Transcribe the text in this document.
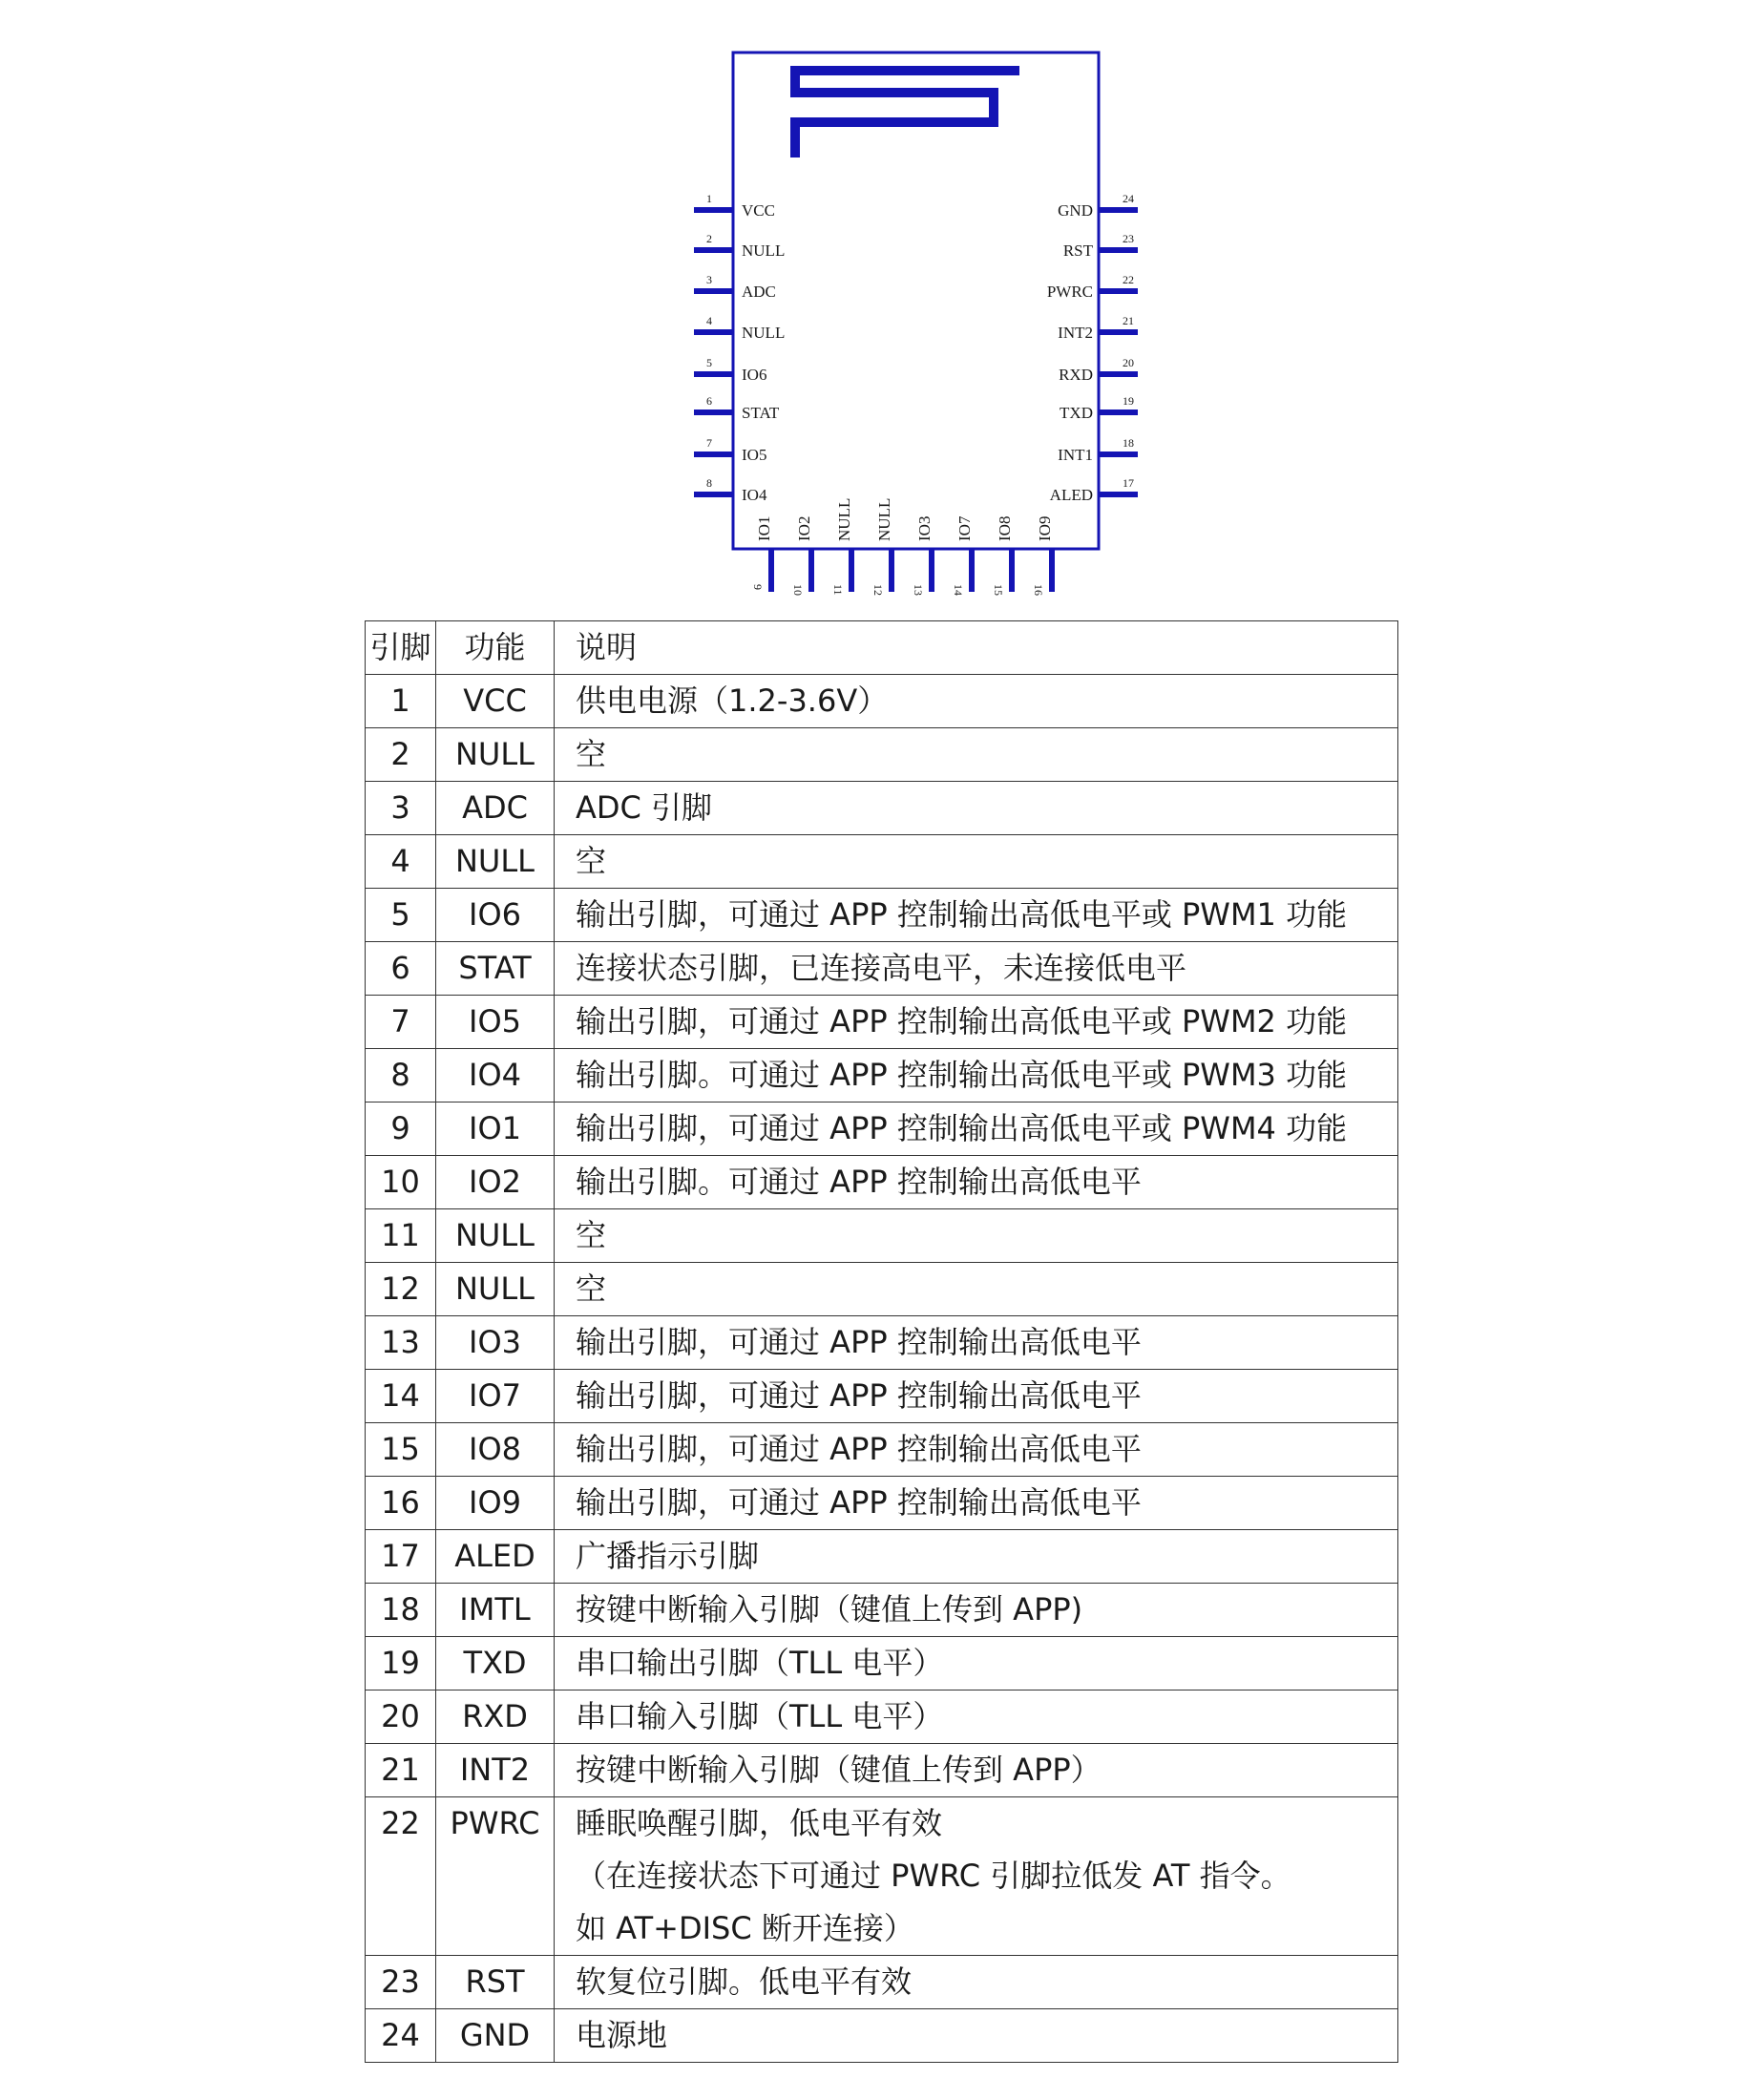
1
VCC
2
NULL
3
ADC
4
NULL
5
IO6
6
STAT
7
IO5
8
IO4
24
GND
23
RST
22
PWRC
21
INT2
20
RXD
19
TXD
18
INT1
17
ALED
9
IO1
10
IO2
11
NULL
12
NULL
13
IO3
14
IO7
15
IO8
16
IO9
引脚	功能	说明
1	VCC	供电电源（1.2-3.6V）
2	NULL	空
3	ADC	ADC 引脚
4	NULL	空
5	IO6	输出引脚，可通过 APP 控制输出高低电平或 PWM1 功能
6	STAT	连接状态引脚，已连接高电平，未连接低电平
7	IO5	输出引脚，可通过 APP 控制输出高低电平或 PWM2 功能
8	IO4	输出引脚。可通过 APP 控制输出高低电平或 PWM3 功能
9	IO1	输出引脚，可通过 APP 控制输出高低电平或 PWM4 功能
10	IO2	输出引脚。可通过 APP 控制输出高低电平
11	NULL	空
12	NULL	空
13	IO3	输出引脚，可通过 APP 控制输出高低电平
14	IO7	输出引脚，可通过 APP 控制输出高低电平
15	IO8	输出引脚，可通过 APP 控制输出高低电平
16	IO9	输出引脚，可通过 APP 控制输出高低电平
17	ALED	广播指示引脚
18	IMTL	按键中断输入引脚（键值上传到 APP)
19	TXD	串口输出引脚（TLL 电平）
20	RXD	串口输入引脚（TLL 电平）
21	INT2	按键中断输入引脚（键值上传到 APP）
22	PWRC	睡眠唤醒引脚，低电平有效
（在连接状态下可通过 PWRC 引脚拉低发 AT 指令。
如 AT+DISC 断开连接）
23	RST	软复位引脚。低电平有效
24	GND	电源地
